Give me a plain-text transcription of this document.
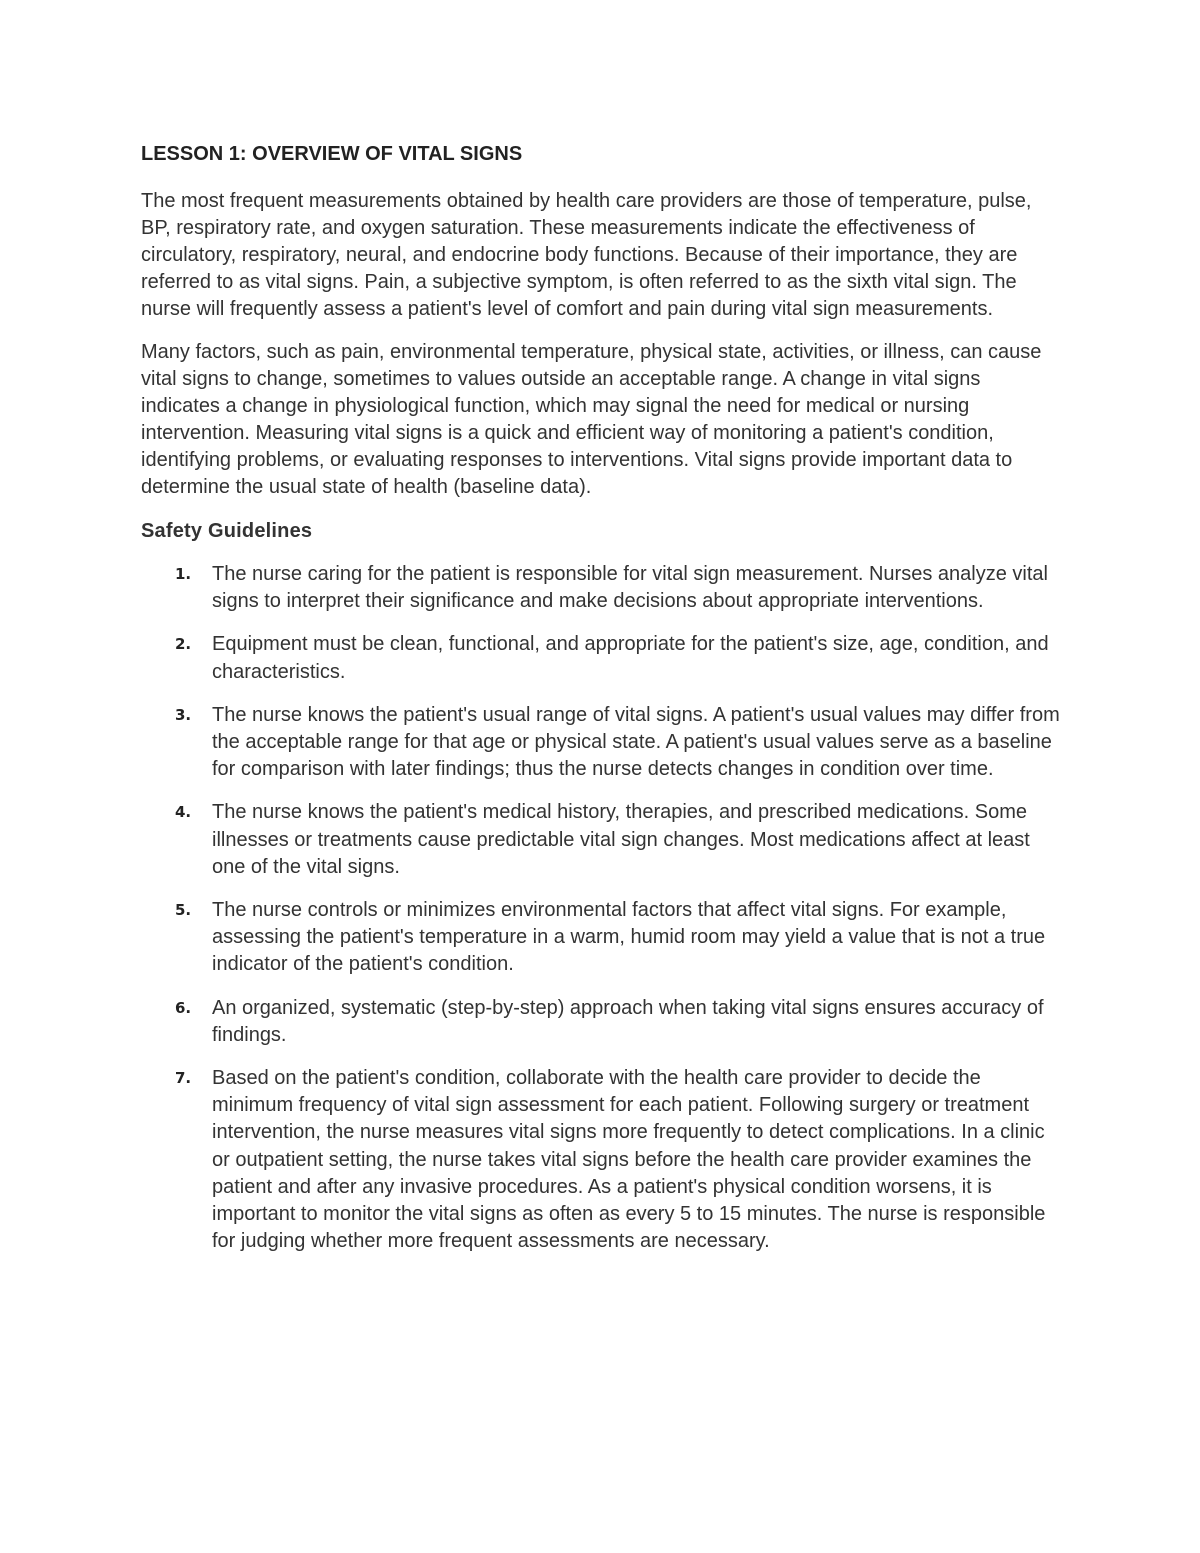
LESSON 1: OVERVIEW OF VITAL SIGNS

The most frequent measurements obtained by health care providers are those of temperature, pulse, BP, respiratory rate, and oxygen saturation. These measurements indicate the effectiveness of circulatory, respiratory, neural, and endocrine body functions. Because of their importance, they are referred to as vital signs. Pain, a subjective symptom, is often referred to as the sixth vital sign. The nurse will frequently assess a patient's level of comfort and pain during vital sign measurements.

Many factors, such as pain, environmental temperature, physical state, activities, or illness, can cause vital signs to change, sometimes to values outside an acceptable range. A change in vital signs indicates a change in physiological function, which may signal the need for medical or nursing intervention. Measuring vital signs is a quick and efficient way of monitoring a patient's condition, identifying problems, or evaluating responses to interventions. Vital signs provide important data to determine the usual state of health (baseline data).

Safety Guidelines
1. The nurse caring for the patient is responsible for vital sign measurement. Nurses analyze vital signs to interpret their significance and make decisions about appropriate interventions.
2. Equipment must be clean, functional, and appropriate for the patient's size, age, condition, and characteristics.
3. The nurse knows the patient's usual range of vital signs. A patient's usual values may differ from the acceptable range for that age or physical state. A patient's usual values serve as a baseline for comparison with later findings; thus the nurse detects changes in condition over time.
4. The nurse knows the patient's medical history, therapies, and prescribed medications. Some illnesses or treatments cause predictable vital sign changes. Most medications affect at least one of the vital signs.
5. The nurse controls or minimizes environmental factors that affect vital signs. For example, assessing the patient's temperature in a warm, humid room may yield a value that is not a true indicator of the patient's condition.
6. An organized, systematic (step-by-step) approach when taking vital signs ensures accuracy of findings.
7. Based on the patient's condition, collaborate with the health care provider to decide the minimum frequency of vital sign assessment for each patient. Following surgery or treatment intervention, the nurse measures vital signs more frequently to detect complications. In a clinic or outpatient setting, the nurse takes vital signs before the health care provider examines the patient and after any invasive procedures. As a patient's physical condition worsens, it is important to monitor the vital signs as often as every 5 to 15 minutes. The nurse is responsible for judging whether more frequent assessments are necessary.
